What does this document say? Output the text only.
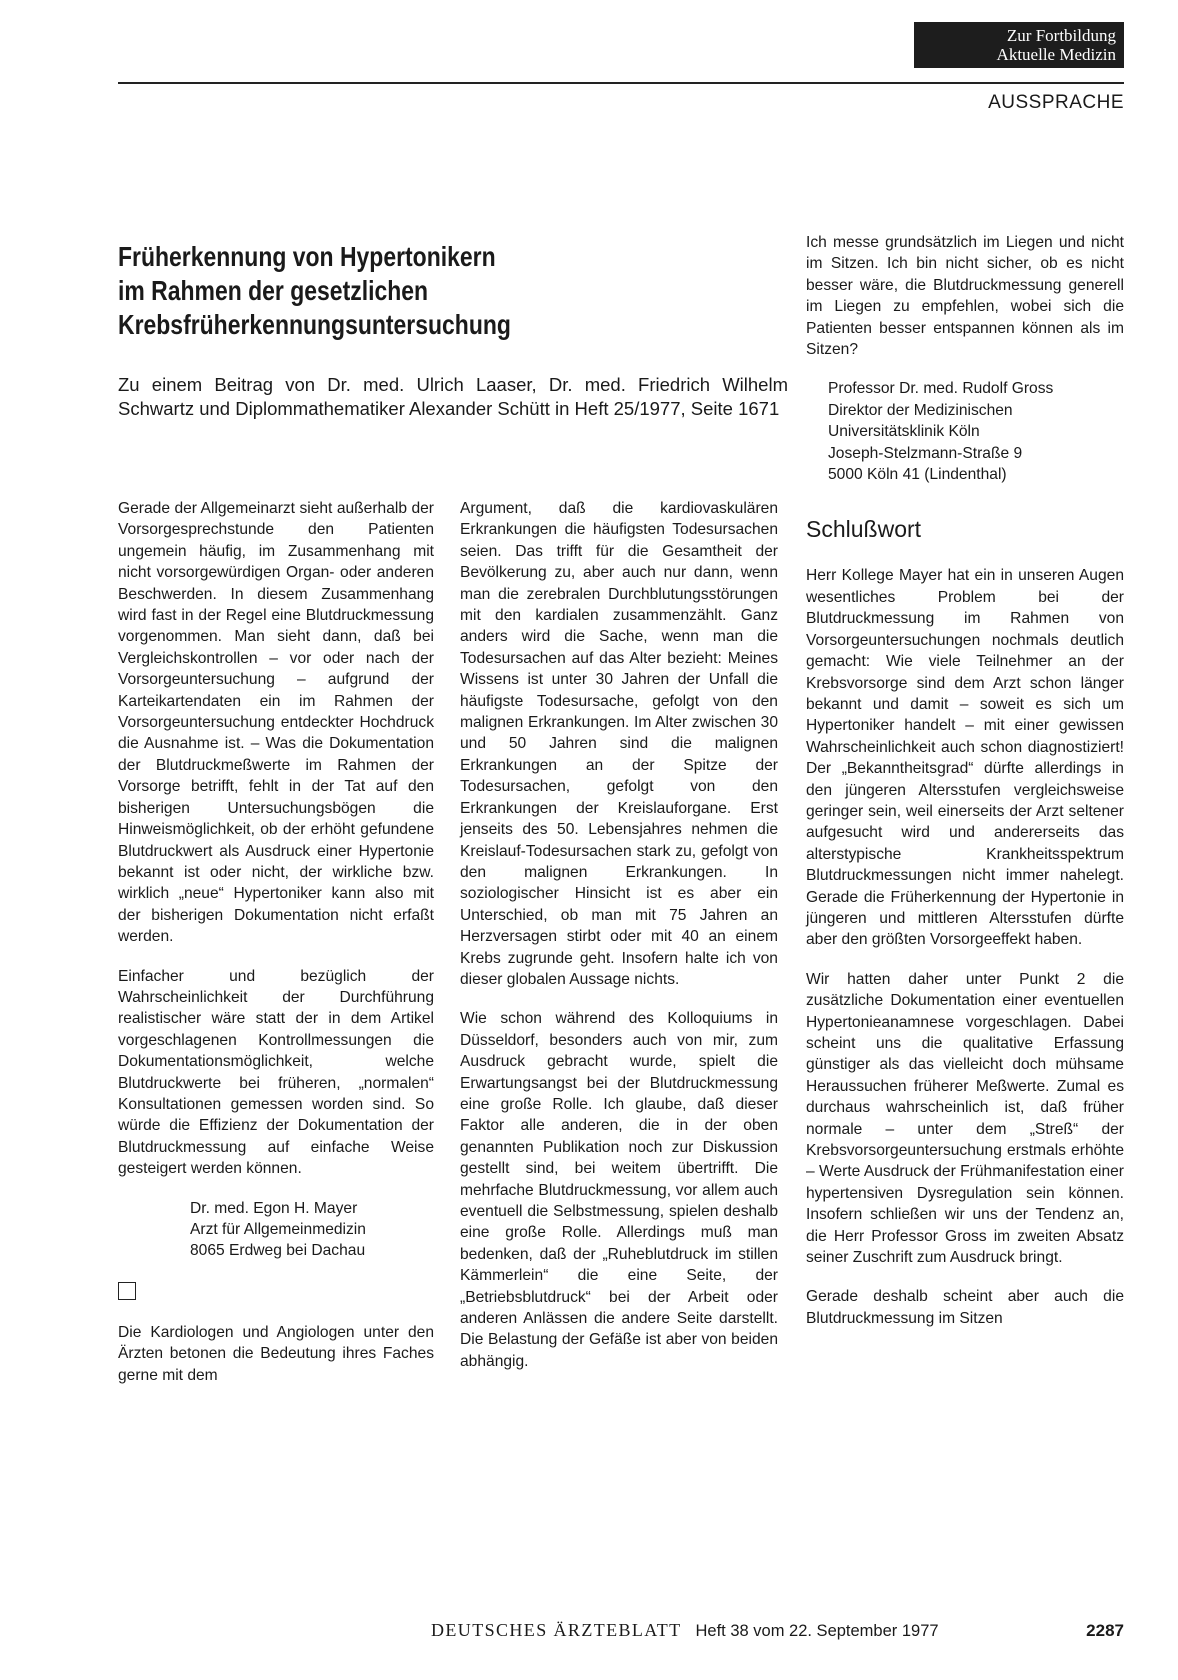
Zur Fortbildung
Aktuelle Medizin
AUSSPRACHE
Früherkennung von Hypertonikern
im Rahmen der gesetzlichen
Krebsfrüherkennungsuntersuchung
Zu einem Beitrag von Dr. med. Ulrich Laaser, Dr. med. Friedrich Wilhelm Schwartz und Diplommathematiker Alexander Schütt in Heft 25/1977, Seite 1671

Gerade der Allgemeinarzt sieht außerhalb der Vorsorgesprechstunde den Patienten ungemein häufig, im Zusammenhang mit nicht vorsorgewürdigen Organ- oder anderen Beschwerden. In diesem Zusammenhang wird fast in der Regel eine Blutdruckmessung vorgenommen. Man sieht dann, daß bei Vergleichskontrollen – vor oder nach der Vorsorgeuntersuchung – aufgrund der Karteikartendaten ein im Rahmen der Vorsorgeuntersuchung entdeckter Hochdruck die Ausnahme ist. – Was die Dokumentation der Blutdruckmeßwerte im Rahmen der Vorsorge betrifft, fehlt in der Tat auf den bisherigen Untersuchungsbögen die Hinweismöglichkeit, ob der erhöht gefundene Blutdruckwert als Ausdruck einer Hypertonie bekannt ist oder nicht, der wirkliche bzw. wirklich „neue“ Hypertoniker kann also mit der bisherigen Dokumentation nicht erfaßt werden.

Einfacher und bezüglich der Wahrscheinlichkeit der Durchführung realistischer wäre statt der in dem Artikel vorgeschlagenen Kontrollmessungen die Dokumentationsmöglichkeit, welche Blutdruckwerte bei früheren, „normalen“ Konsultationen gemessen worden sind. So würde die Effizienz der Dokumentation der Blutdruckmessung auf einfache Weise gesteigert werden können.

Dr. med. Egon H. Mayer
Arzt für Allgemeinmedizin
8065 Erdweg bei Dachau

Die Kardiologen und Angiologen unter den Ärzten betonen die Bedeutung ihres Faches gerne mit dem

Argument, daß die kardiovaskulären Erkrankungen die häufigsten Todesursachen seien. Das trifft für die Gesamtheit der Bevölkerung zu, aber auch nur dann, wenn man die zerebralen Durchblutungsstörungen mit den kardialen zusammenzählt. Ganz anders wird die Sache, wenn man die Todesursachen auf das Alter bezieht: Meines Wissens ist unter 30 Jahren der Unfall die häufigste Todesursache, gefolgt von den malignen Erkrankungen. Im Alter zwischen 30 und 50 Jahren sind die malignen Erkrankungen an der Spitze der Todesursachen, gefolgt von den Erkrankungen der Kreislauforgane. Erst jenseits des 50. Lebensjahres nehmen die Kreislauf-Todesursachen stark zu, gefolgt von den malignen Erkrankungen. In soziologischer Hinsicht ist es aber ein Unterschied, ob man mit 75 Jahren an Herzversagen stirbt oder mit 40 an einem Krebs zugrunde geht. Insofern halte ich von dieser globalen Aussage nichts.

Wie schon während des Kolloquiums in Düsseldorf, besonders auch von mir, zum Ausdruck gebracht wurde, spielt die Erwartungsangst bei der Blutdruckmessung eine große Rolle. Ich glaube, daß dieser Faktor alle anderen, die in der oben genannten Publikation noch zur Diskussion gestellt sind, bei weitem übertrifft. Die mehrfache Blutdruckmessung, vor allem auch eventuell die Selbstmessung, spielen deshalb eine große Rolle. Allerdings muß man bedenken, daß der „Ruheblutdruck im stillen Kämmerlein“ die eine Seite, der „Betriebsblutdruck“ bei der Arbeit oder anderen Anlässen die andere Seite darstellt. Die Belastung der Gefäße ist aber von beiden abhängig.

Ich messe grundsätzlich im Liegen und nicht im Sitzen. Ich bin nicht sicher, ob es nicht besser wäre, die Blutdruckmessung generell im Liegen zu empfehlen, wobei sich die Patienten besser entspannen können als im Sitzen?

Professor Dr. med. Rudolf Gross
Direktor der Medizinischen
Universitätsklinik Köln
Joseph-Stelzmann-Straße 9
5000 Köln 41 (Lindenthal)
Schlußwort

Herr Kollege Mayer hat ein in unseren Augen wesentliches Problem bei der Blutdruckmessung im Rahmen von Vorsorgeuntersuchungen nochmals deutlich gemacht: Wie viele Teilnehmer an der Krebsvorsorge sind dem Arzt schon länger bekannt und damit – soweit es sich um Hypertoniker handelt – mit einer gewissen Wahrscheinlichkeit auch schon diagnostiziert! Der „Bekanntheitsgrad“ dürfte allerdings in den jüngeren Altersstufen vergleichsweise geringer sein, weil einerseits der Arzt seltener aufgesucht wird und andererseits das alterstypische Krankheitsspektrum Blutdruckmessungen nicht immer nahelegt. Gerade die Früherkennung der Hypertonie in jüngeren und mittleren Altersstufen dürfte aber den größten Vorsorgeeffekt haben.

Wir hatten daher unter Punkt 2 die zusätzliche Dokumentation einer eventuellen Hypertonieanamnese vorgeschlagen. Dabei scheint uns die qualitative Erfassung günstiger als das vielleicht doch mühsame Heraussuchen früherer Meßwerte. Zumal es durchaus wahrscheinlich ist, daß früher normale – unter dem „Streß“ der Krebsvorsorgeuntersuchung erstmals erhöhte – Werte Ausdruck der Frühmanifestation einer hypertensiven Dysregulation sein können. Insofern schließen wir uns der Tendenz an, die Herr Professor Gross im zweiten Absatz seiner Zuschrift zum Ausdruck bringt.

Gerade deshalb scheint aber auch die Blutdruckmessung im Sitzen

DEUTSCHES ÄRZTEBLATT Heft 38 vom 22. September 1977	2287
